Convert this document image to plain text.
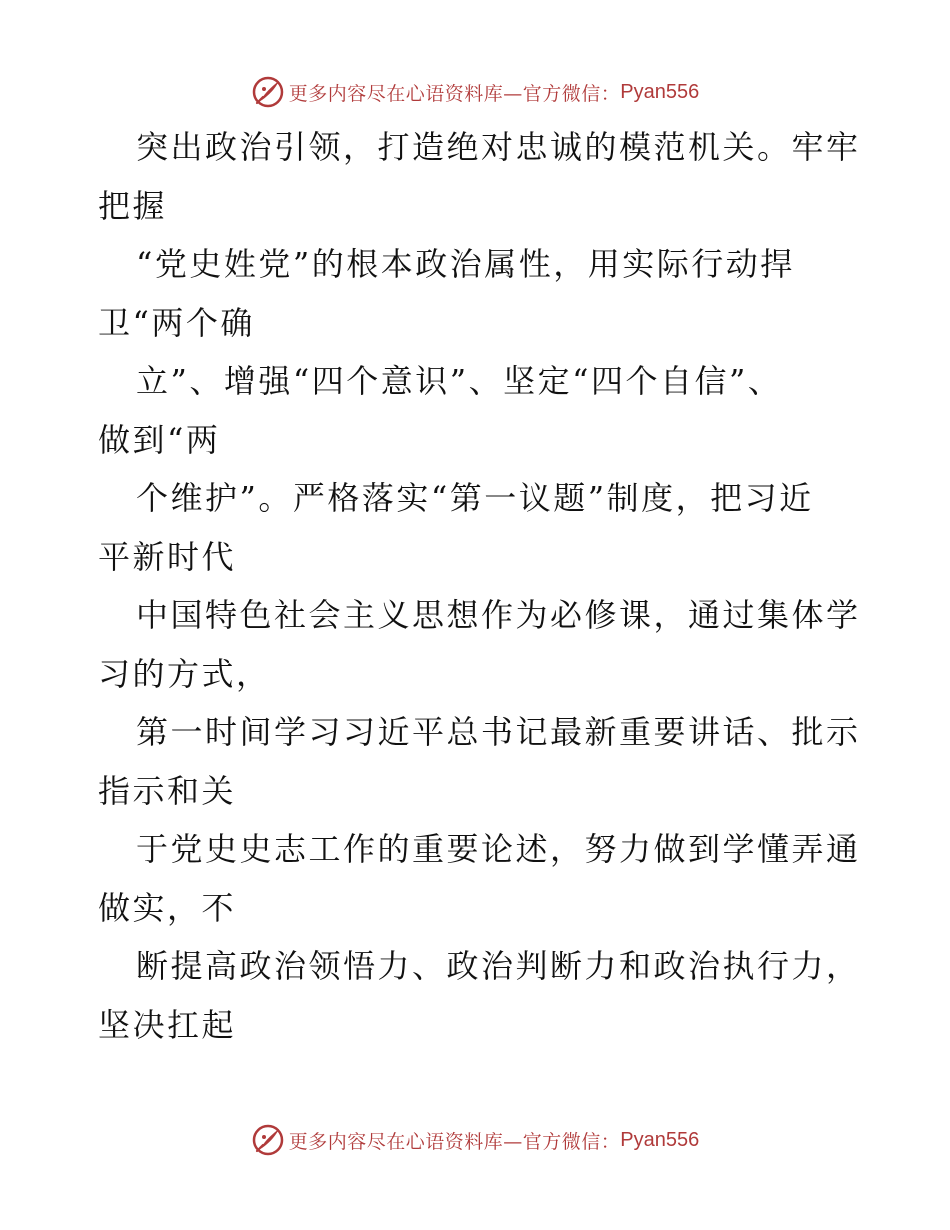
更多内容尽在心语资料库—官方微信： Pyan556
突出政治引领，打造绝对忠诚的模范机关。牢牢
把握
“党史姓党”的根本政治属性，用实际行动捍
卫“两个确
立”、增强“四个意识”、坚定“四个自信”、
做到“两
个维护”。严格落实“第一议题”制度，把习近
平新时代
中国特色社会主义思想作为必修课，通过集体学
习的方式，
第一时间学习习近平总书记最新重要讲话、批示
指示和关
于党史史志工作的重要论述，努力做到学懂弄通
做实，不
断提高政治领悟力、政治判断力和政治执行力，
坚决扛起
更多内容尽在心语资料库—官方微信： Pyan556
